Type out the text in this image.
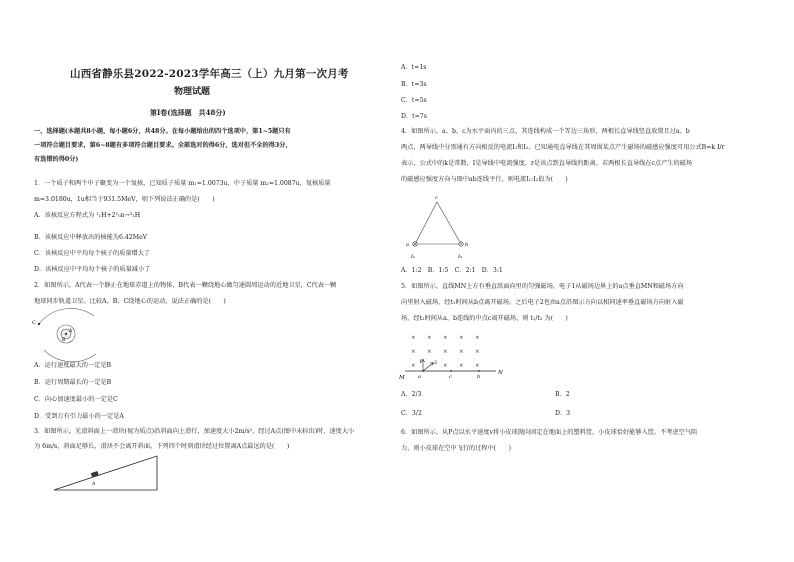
山西省静乐县2022-2023学年高三（上）九月第一次月考
物理试题
第Ⅰ卷(选择题　共48分)
一、选择题(本题共8小题，每小题6分，共48分。在每小题给出的四个选项中，第1~5题只有
一项符合题目要求，第6~8题有多项符合题目要求。全部选对的得6分，选对但不全的得3分，
有选错的得0分)
1．一个质子和两个中子聚变为一个氚核，已知质子质量 m₁=1.0073u，中子质量 m₂=1.0087u，氚核质量
m=3.0180u，1u相当于931.5MeV，则下列说法正确的是(　　)
A．该核反应方程式为 ¹₁H+2¹₀n→³₁H
B．该核反应中释放出的核能为6.42MeV
C．该核反应中平均每个核子的质量增大了
D．该核反应中平均每个核子的质量减小了
2．如图所示，A代表一个静止在地球赤道上的物体，B代表一颗绕地心做匀速圆周运动的近地卫星，C代表一颗
地球同步轨道卫星。比较A、B、C绕地心的运动，说法正确的是(　　)
C
A
B
A．运行速度最大的一定是B
B．运行周期最长的一定是B
C．向心加速度最小的一定是C
D．受到万有引力最小的一定是A
3．如图所示，光滑斜面上一滑块(视为质点)沿斜面向上滑行，加速度大小2m/s²，经过A点(图中未标出)时，速度大小
为 6m/s，斜面足够长，滑块不会离开斜面。下列四个时刻滑块经过位置离A点最远的是(　　)
A
A．t=1s
B．t=3s
C．t=5s
D．t=7s
4．如图所示，a、b、c为水平面内的三点，其连线构成一个等边三角形，两根长直导线竖直放置且过a、b
两点，两导线中分别通有方向相反的电流I₁和I₂。已知通电直导线在其周围某点产生磁场的磁感应强度可用公式B=k I/r
表示，公式中的k是常数，I是导线中电流强度，r是该点到直导线的距离。若两根长直导线在c点产生的磁场
的磁感应强度方向与图中ab连线平行，则电流I₁:I₂值为(　　)
c
a	b
I₁	I₂
A．1:2　B．1:5　C．2:1　D．3:1
5．如图所示，直线MN上方有垂直纸面向里的匀强磁场，电子1从磁场边界上的a点垂直MN和磁场方向
向里射入磁场，经t₁时间从b点离开磁场。之后电子2也由a点沿图示方向以相同速率垂直磁场方向射入磁
场，经t₂时间从a、b连线的中点c离开磁场，则 t₁/t₂ 为(　　)
× × × × ×
× × × × ×
×	× × ×
1 2
M	a	c	b
N
A．2/3	B．2
C．3/2	D．3
6．如图所示，从P点以水平速度v将小皮球抛向固定在地面上的塑料筐，小皮球恰好能够入筐。不考虑空气阻
力，则小皮球在空中飞行的过程中(　　)
